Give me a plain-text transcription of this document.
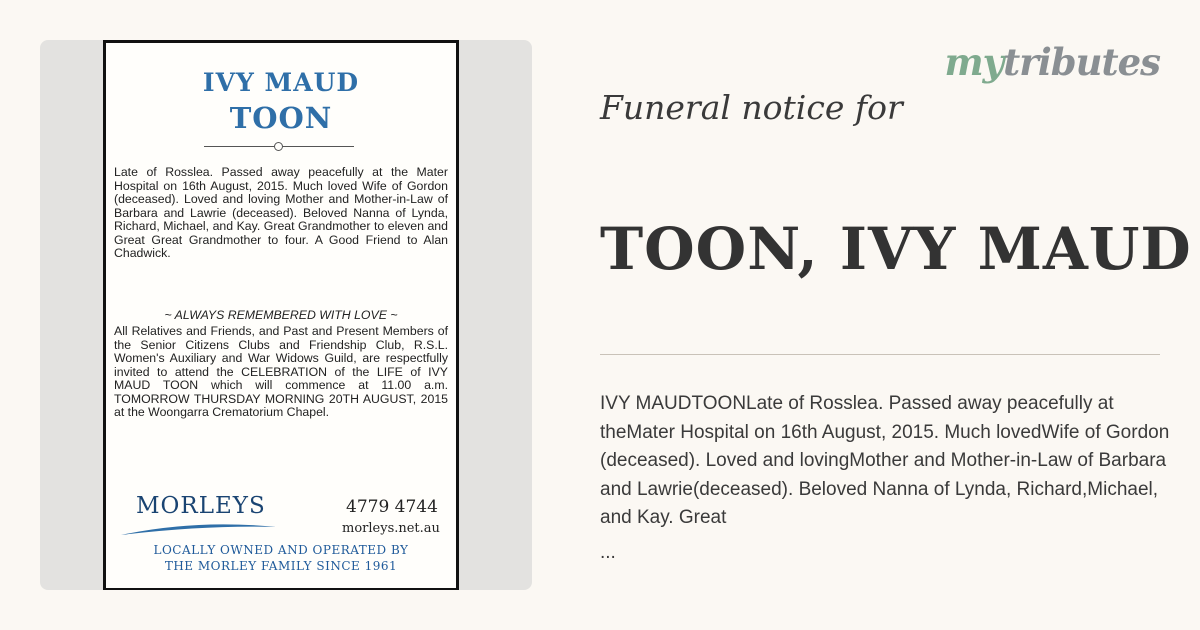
IVY MAUD
TOON
Late of Rosslea. Passed away peacefully at the Mater Hospital on 16th August, 2015. Much loved Wife of Gordon (deceased). Loved and loving Mother and Mother-in-Law of Barbara and Lawrie (deceased). Beloved Nanna of Lynda, Richard, Michael, and Kay. Great Grandmother to eleven and Great Great Grandmother to four. A Good Friend to Alan Chadwick.
~ ALWAYS REMEMBERED WITH LOVE ~
All Relatives and Friends, and Past and Present Members of the Senior Citizens Clubs and Friendship Club, R.S.L. Women's Auxiliary and War Widows Guild, are respectfully invited to attend the CELEBRATION of the LIFE of IVY MAUD TOON which will commence at 11.00 a.m. TOMORROW THURSDAY MORNING 20TH AUGUST, 2015 at the Woongarra Crematorium Chapel.
MORLEYS	4779 4744
morleys.net.au
LOCALLY OWNED AND OPERATED BY
THE MORLEY FAMILY SINCE 1961
mytributes
Funeral notice for
TOON, IVY MAUD
IVY MAUDTOONLate of Rosslea. Passed away peacefully at theMater Hospital on 16th August, 2015. Much lovedWife of Gordon (deceased). Loved and lovingMother and Mother-in-Law of Barbara and Lawrie(deceased). Beloved Nanna of Lynda, Richard,Michael, and Kay. Great
...
